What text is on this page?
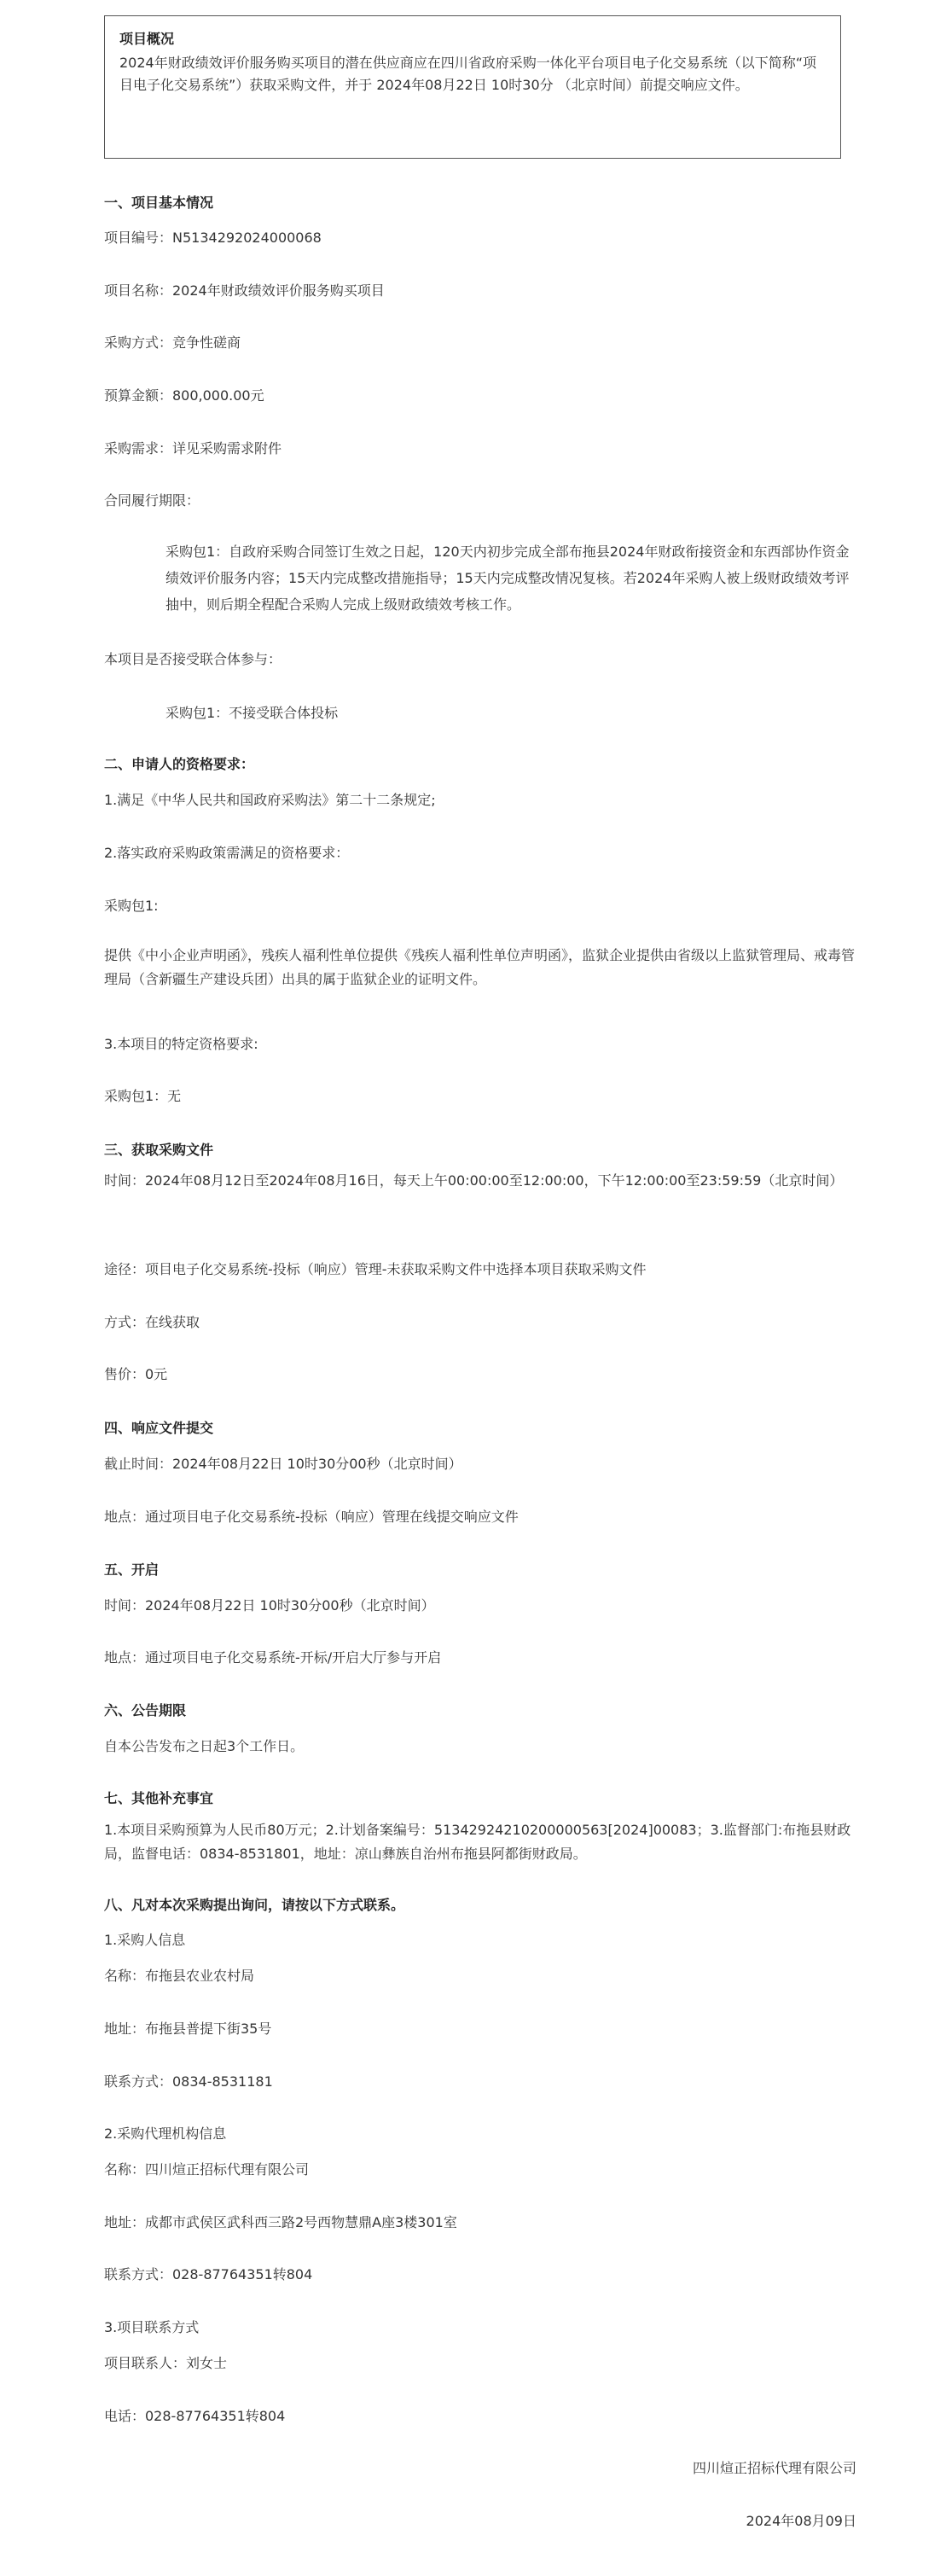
项目概况

2024年财政绩效评价服务购买项目的潜在供应商应在四川省政府采购一体化平台项目电子化交易系统（以下简称“项目电子化交易系统”）获取采购文件，并于 2024年08月22日 10时30分 （北京时间）前提交响应文件。

一、项目基本情况
项目编号：N5134292024000068
项目名称：2024年财政绩效评价服务购买项目
采购方式：竞争性磋商
预算金额：800,000.00元
采购需求：详见采购需求附件
合同履行期限：
采购包1：自政府采购合同签订生效之日起，120天内初步完成全部布拖县2024年财政衔接资金和东西部协作资金绩效评价服务内容；15天内完成整改措施指导；15天内完成整改情况复核。若2024年采购人被上级财政绩效考评抽中，则后期全程配合采购人完成上级财政绩效考核工作。
本项目是否接受联合体参与：
采购包1：不接受联合体投标
二、申请人的资格要求：
1.满足《中华人民共和国政府采购法》第二十二条规定;
2.落实政府采购政策需满足的资格要求：
采购包1:
提供《中小企业声明函》，残疾人福利性单位提供《残疾人福利性单位声明函》，监狱企业提供由省级以上监狱管理局、戒毒管理局（含新疆生产建设兵团）出具的属于监狱企业的证明文件。
3.本项目的特定资格要求:
采购包1：无
三、获取采购文件
时间：2024年08月12日至2024年08月16日，每天上午00:00:00至12:00:00，下午12:00:00至23:59:59（北京时间）
途径：项目电子化交易系统-投标（响应）管理-未获取采购文件中选择本项目获取采购文件
方式：在线获取
售价：0元
四、响应文件提交
截止时间：2024年08月22日 10时30分00秒（北京时间）
地点：通过项目电子化交易系统-投标（响应）管理在线提交响应文件
五、开启
时间：2024年08月22日 10时30分00秒（北京时间）
地点：通过项目电子化交易系统-开标/开启大厅参与开启
六、公告期限
自本公告发布之日起3个工作日。
七、其他补充事宜
1.本项目采购预算为人民币80万元；2.计划备案编号：51342924210200000563[2024]00083；3.监督部门:布拖县财政局，监督电话：0834-8531801，地址：凉山彝族自治州布拖县阿都街财政局。
八、凡对本次采购提出询问，请按以下方式联系。
1.采购人信息
名称：布拖县农业农村局
地址：布拖县普提下街35号
联系方式：0834-8531181
2.采购代理机构信息
名称：四川煊正招标代理有限公司
地址：成都市武侯区武科西三路2号西物慧鼎A座3楼301室
联系方式：028-87764351转804
3.项目联系方式
项目联系人：刘女士
电话：028-87764351转804
四川煊正招标代理有限公司
2024年08月09日
